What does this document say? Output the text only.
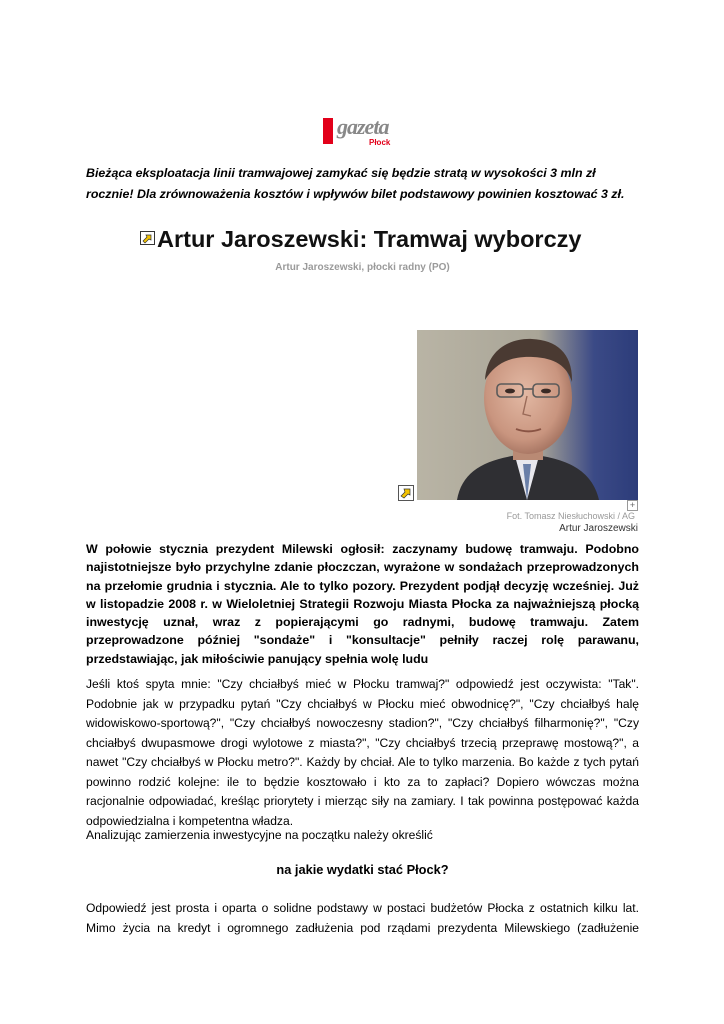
gazeta
Płock
Bieżąca eksploatacja linii tramwajowej zamykać się będzie stratą w wysokości 3 mln zł rocznie! Dla zrównoważenia kosztów i wpływów bilet podstawowy powinien kosztować 3 zł.
Artur Jaroszewski: Tramwaj wyborczy
Artur Jaroszewski, płocki radny (PO)
+
Fot. Tomasz Niesłuchowski / AG
Artur Jaroszewski
W połowie stycznia prezydent Milewski ogłosił: zaczynamy budowę tramwaju. Podobno najistotniejsze było przychylne zdanie płoczczan, wyrażone w sondażach przeprowadzonych na przełomie grudnia i stycznia. Ale to tylko pozory. Prezydent podjął decyzję wcześniej. Już w listopadzie 2008 r. w Wieloletniej Strategii Rozwoju Miasta Płocka za najważniejszą płocką inwestycję uznał, wraz z popierającymi go radnymi, budowę tramwaju. Zatem przeprowadzone później "sondaże" i "konsultacje" pełniły raczej rolę parawanu, przedstawiając, jak miłościwie panujący spełnia wolę ludu
Jeśli ktoś spyta mnie: "Czy chciałbyś mieć w Płocku tramwaj?" odpowiedź jest oczywista: "Tak". Podobnie jak w przypadku pytań "Czy chciałbyś w Płocku mieć obwodnicę?", "Czy chciałbyś halę widowiskowo-sportową?", "Czy chciałbyś nowoczesny stadion?", "Czy chciałbyś filharmonię?", "Czy chciałbyś dwupasmowe drogi wylotowe z miasta?", "Czy chciałbyś trzecią przeprawę mostową?", a nawet "Czy chciałbyś w Płocku metro?". Każdy by chciał. Ale to tylko marzenia. Bo każde z tych pytań powinno rodzić kolejne: ile to będzie kosztowało i kto za to zapłaci? Dopiero wówczas można racjonalnie odpowiadać, kreśląc priorytety i mierząc siły na zamiary. I tak powinna postępować każda odpowiedzialna i kompetentna władza.
Analizując zamierzenia inwestycyjne na początku należy określić
na jakie wydatki stać Płock?
Odpowiedź jest prosta i oparta o solidne podstawy w postaci budżetów Płocka z ostatnich kilku lat. Mimo życia na kredyt i ogromnego zadłużenia pod rządami prezydenta Milewskiego (zadłużenie
